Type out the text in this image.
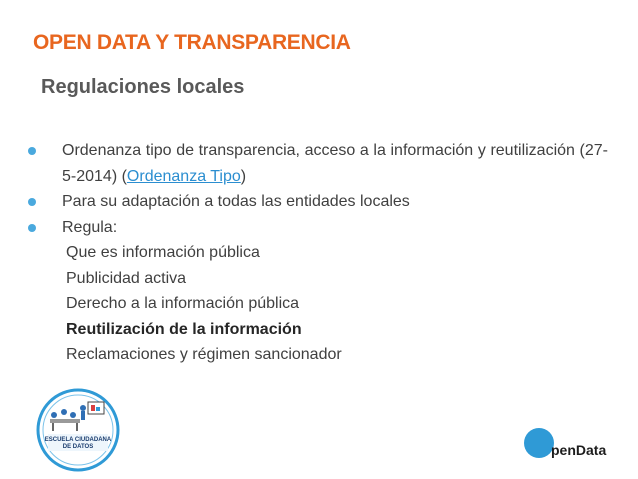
OPEN DATA Y TRANSPARENCIA
Regulaciones locales
Ordenanza tipo de transparencia, acceso a la información y reutilización (27-5-2014) (Ordenanza Tipo)
Para su adaptación a todas las entidades locales
Regula:
Que es información pública
Publicidad activa
Derecho a la información pública
Reutilización de la información
Reclamaciones y régimen sancionador
ESCUELA CIUDADANA
DE DATOS	penData
